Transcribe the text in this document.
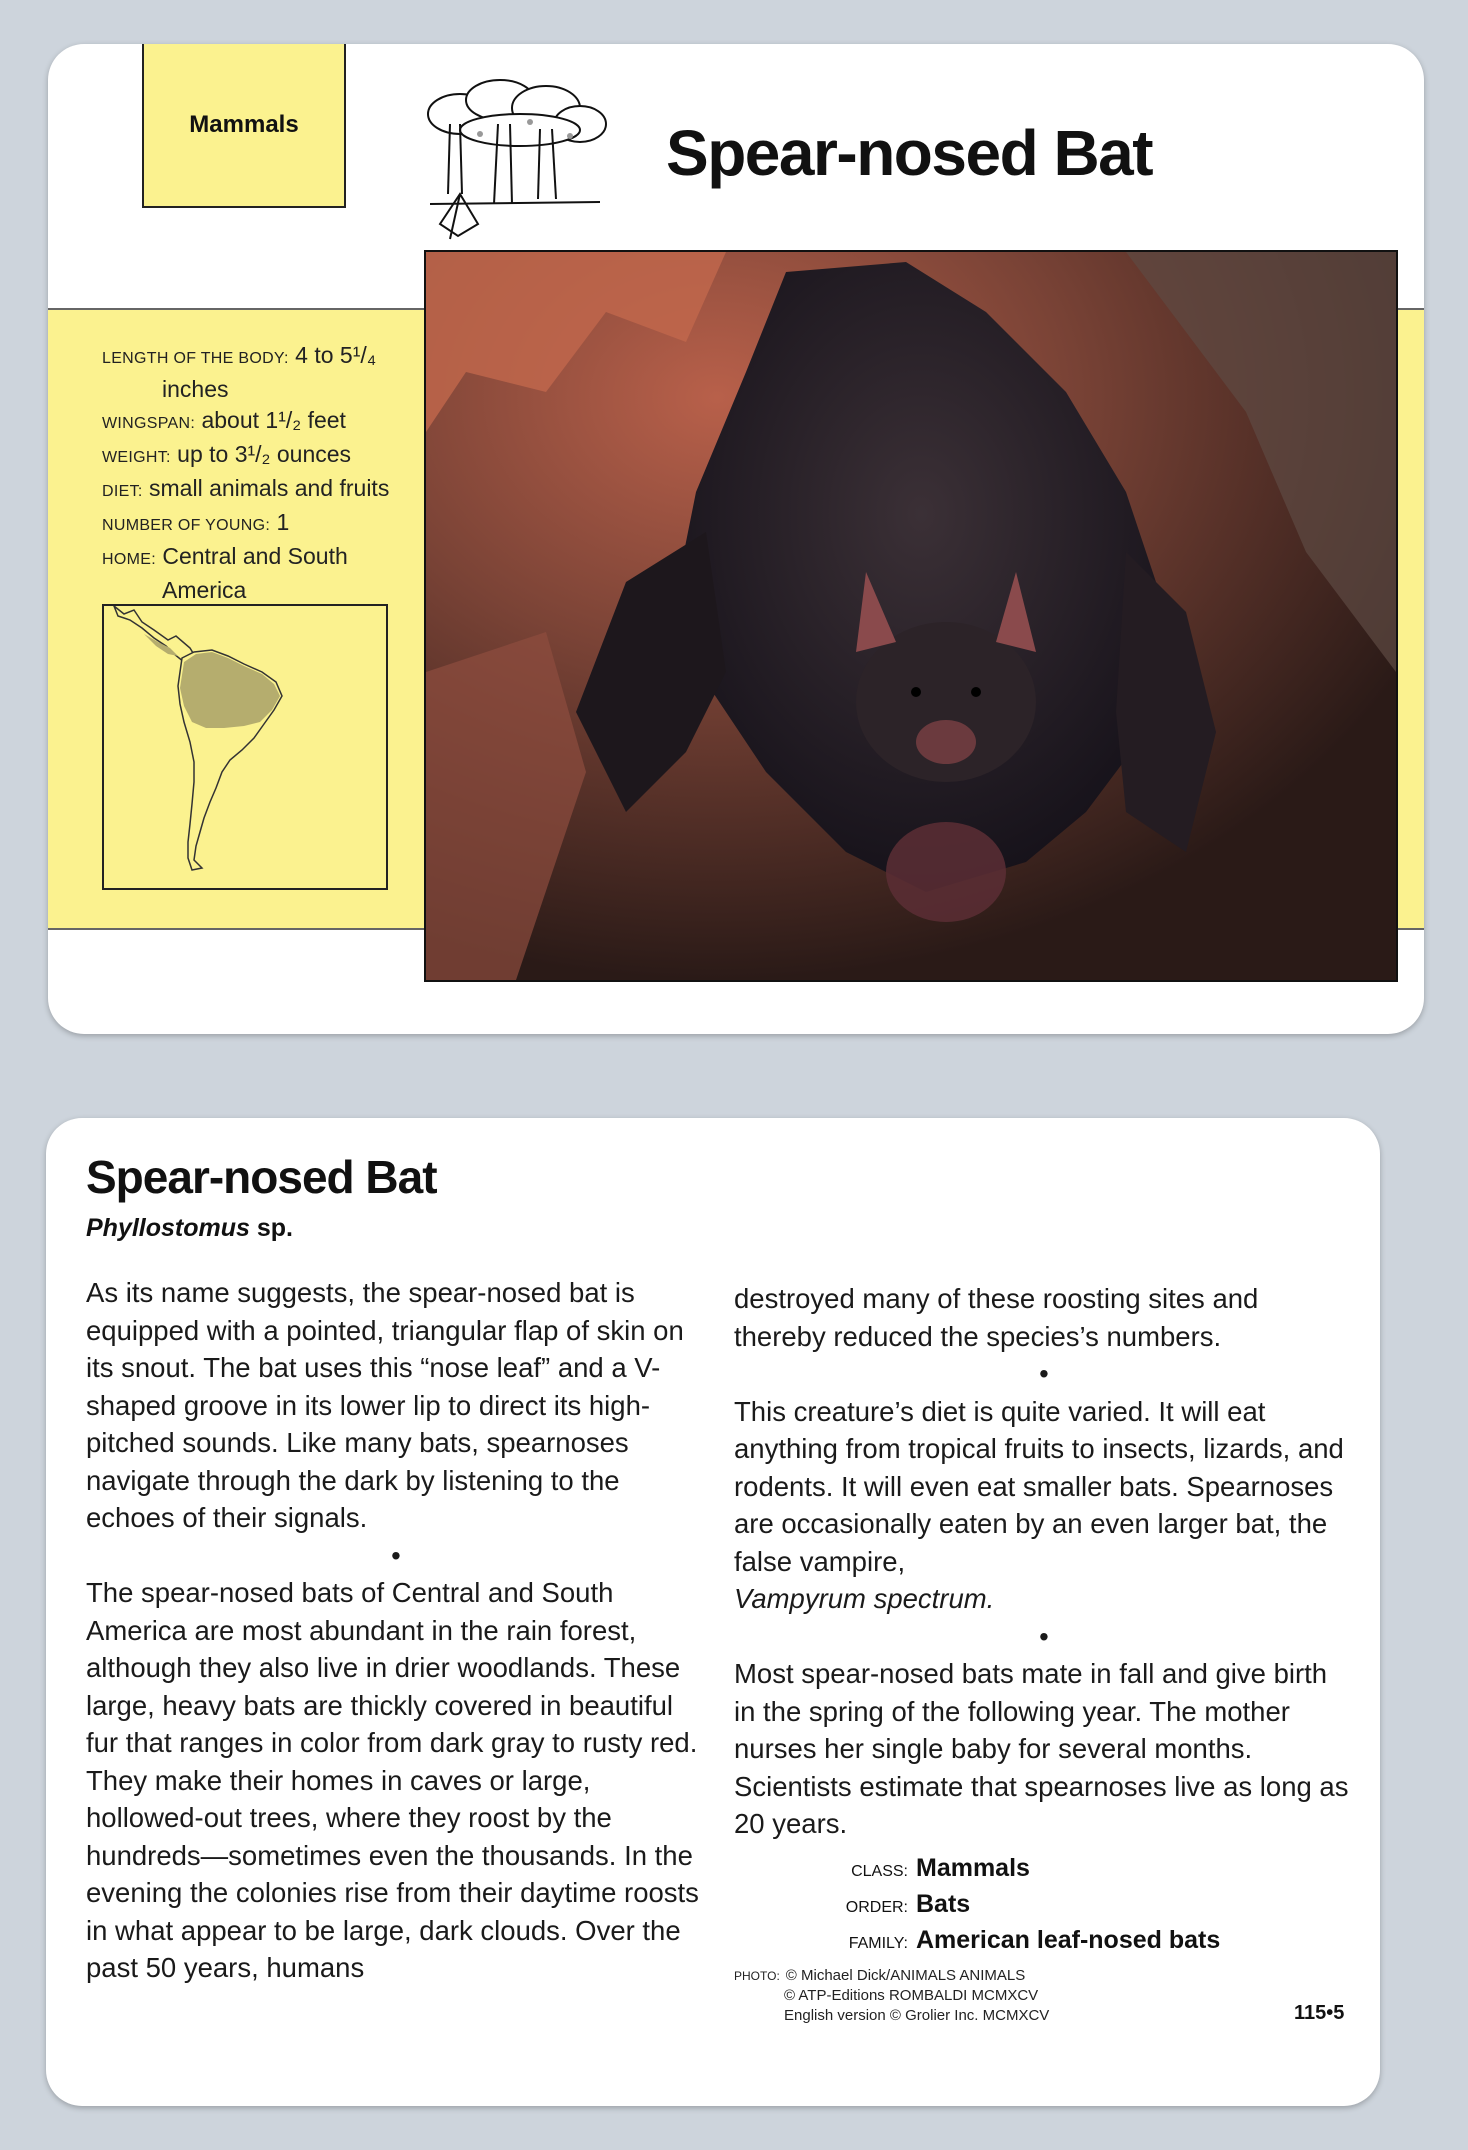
Mammals	Spear-nosed Bat

LENGTH OF THE BODY: 4 to 5¹/₄

inches

WINGSPAN: about 1¹/₂ feet

WEIGHT: up to 3¹/₂ ounces

DIET: small animals and fruits

NUMBER OF YOUNG: 1

HOME: Central and South

America

Spear-nosed Bat
Phyllostomus sp.

As its name suggests, the spear-nosed bat is equipped with a pointed, triangular flap of skin on its snout. The bat uses this “nose leaf” and a V-shaped groove in its lower lip to direct its high-pitched sounds. Like many bats, spearnoses navigate through the dark by listening to the echoes of their signals.

•

The spear-nosed bats of Central and South America are most abundant in the rain forest, although they also live in drier woodlands. These large, heavy bats are thickly covered in beautiful fur that ranges in color from dark gray to rusty red. They make their homes in caves or large, hollowed-out trees, where they roost by the hundreds—sometimes even the thousands. In the evening the colonies rise from their daytime roosts in what appear to be large, dark clouds. Over the past 50 years, humans

destroyed many of these roosting sites and thereby reduced the species’s numbers.

•

This creature’s diet is quite varied. It will eat anything from tropical fruits to insects, lizards, and rodents. It will even eat smaller bats. Spearnoses are occasionally eaten by an even larger bat, the false vampire,
Vampyrum spectrum.

•

Most spear-nosed bats mate in fall and give birth in the spring of the following year. The mother nurses her single baby for several months. Scientists estimate that spearnoses live as long as 20 years.

CLASS: Mammals
ORDER: Bats
FAMILY: American leaf-nosed bats
PHOTO: © Michael Dick/ANIMALS ANIMALS
© ATP-Editions ROMBALDI MCMXCV
English version © Grolier Inc. MCMXCV	115•5
